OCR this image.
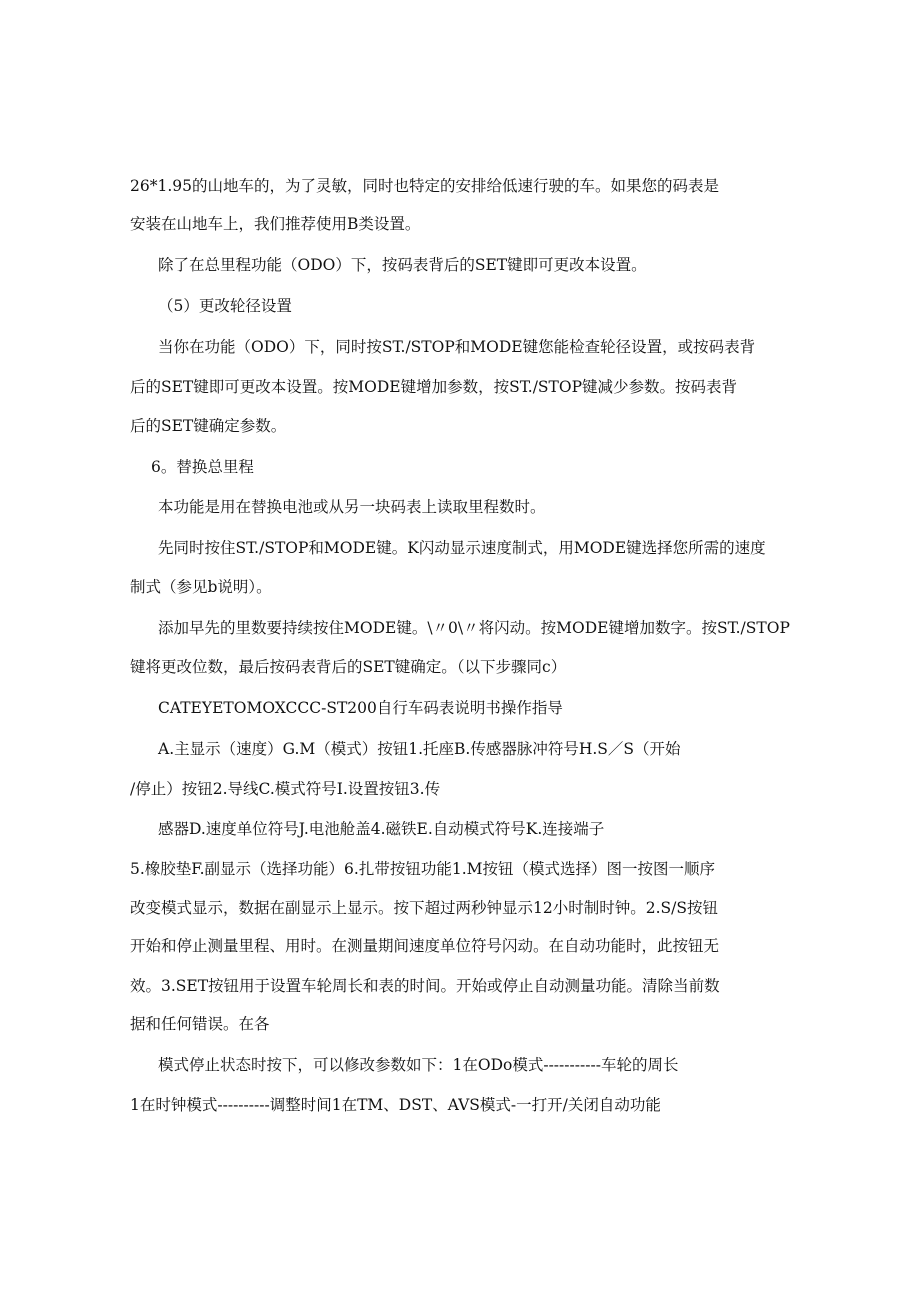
26*1.95的山地车的，为了灵敏，同时也特定的安排给低速行驶的车。如果您的码表是

安装在山地车上，我们推荐使用B类设置。

除了在总里程功能（ODO）下，按码表背后的SET键即可更改本设置。

（5）更改轮径设置

当你在功能（ODO）下，同时按ST./STOP和MODE键您能检查轮径设置，或按码表背

后的SET键即可更改本设置。按MODE键增加参数，按ST./STOP键减少参数。按码表背

后的SET键确定参数。

6。替换总里程

本功能是用在替换电池或从另一块码表上读取里程数时。

先同时按住ST./STOP和MODE键。K闪动显示速度制式，用MODE键选择您所需的速度

制式（参见b说明）。

添加早先的里数要持续按住MODE键。\〃0\〃将闪动。按MODE键增加数字。按ST./STOP

键将更改位数，最后按码表背后的SET键确定。（以下步骤同c）

CATEYETOMOXCCC-ST200自行车码表说明书操作指导

A.主显示（速度）G.M（模式）按钮1.托座B.传感器脉冲符号H.S／S（开始

/停止）按钮2.导线C.模式符号I.设置按钮3.传

感器D.速度单位符号J.电池舱盖4.磁铁E.自动模式符号K.连接端子

5.橡胶垫F.副显示（选择功能）6.扎带按钮功能1.M按钮（模式选择）图一按图一顺序

改变模式显示，数据在副显示上显示。按下超过两秒钟显示12小时制时钟。2.S/S按钮

开始和停止测量里程、用时。在测量期间速度单位符号闪动。在自动功能时，此按钮无

效。3.SET按钮用于设置车轮周长和表的时间。开始或停止自动测量功能。清除当前数

据和任何错误。在各

模式停止状态时按下，可以修改参数如下：1在ODo模式-----------车轮的周长

1在时钟模式----------调整时间1在TM、DST、AVS模式-一打开/关闭自动功能
